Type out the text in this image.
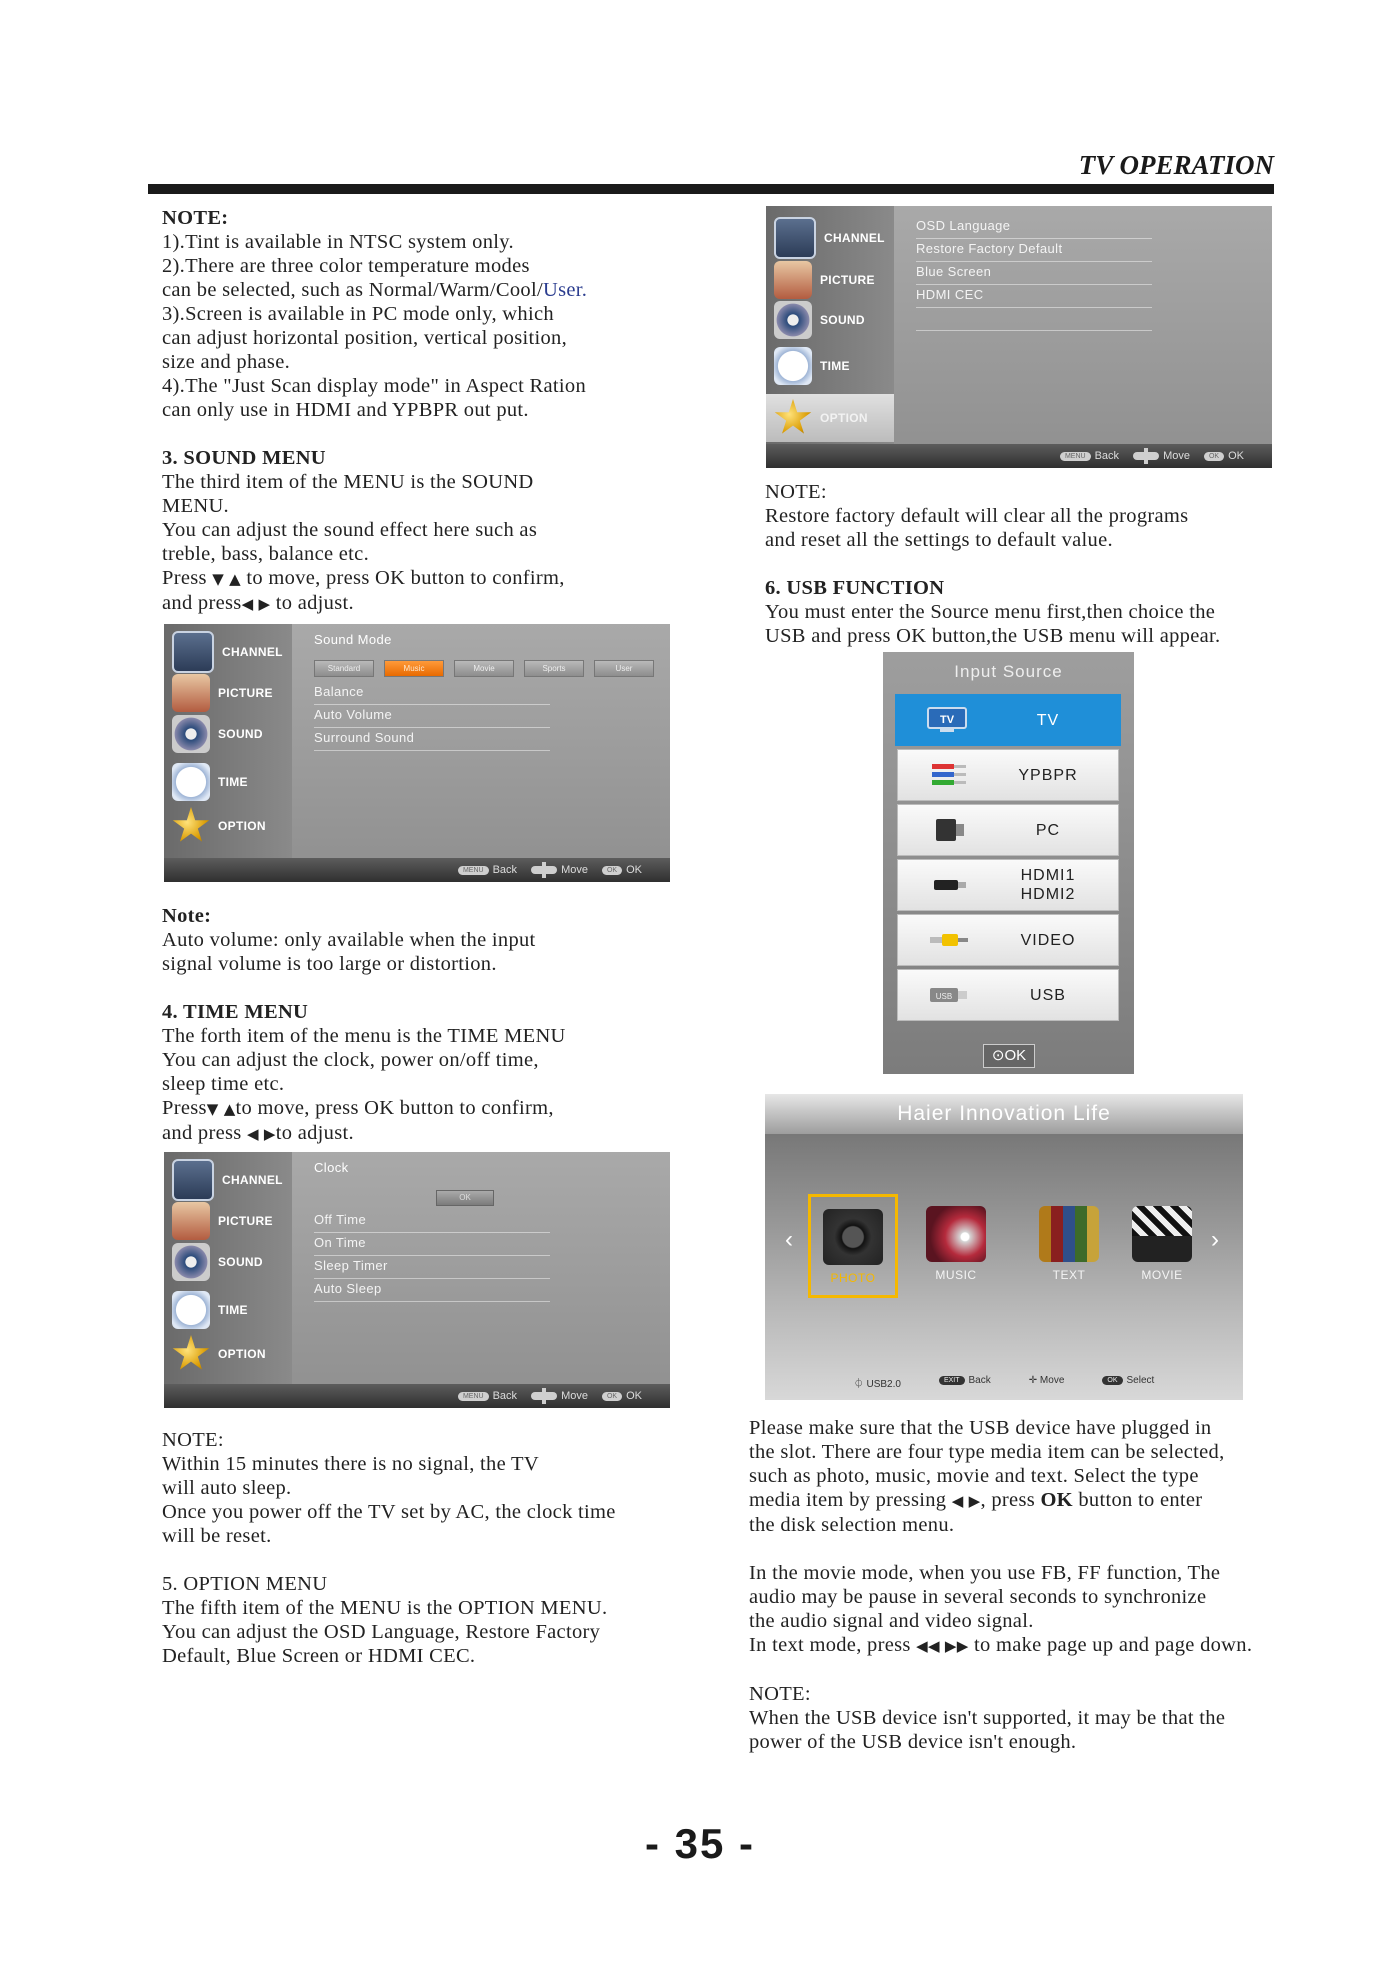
TV OPERATION

NOTE:

1).Tint is available in NTSC system only.

2).There are three color temperature modes

can be selected, such as Normal/Warm/Cool/User.

3).Screen is available in PC mode only, which

can adjust horizontal position, vertical position,

size and phase.

4).The "Just Scan display mode" in Aspect Ration

can only use in HDMI and YPBPR out put.

3. SOUND MENU

The third item of the MENU is the SOUND

MENU.

You can adjust the sound effect here such as

treble, bass, balance etc.

Press ▼ ▲ to move, press OK button to confirm,

and press◀ ▶ to adjust.

CHANNEL
PICTURE
SOUND
TIME
OPTION
Sound Mode
Standard	Music	Movie	Sports	User
Balance
Auto Volume
Surround Sound
MENU Back	Move	OK OK

Note:

Auto volume: only available when the input

signal volume is too large or distortion.

4. TIME MENU

The forth item of the menu is the TIME MENU

You can adjust the clock, power on/off time,

sleep time etc.

Press▼ ▲to move, press OK button to confirm,

and press ◀ ▶to adjust.

CHANNEL
PICTURE
SOUND
TIME
OPTION
Clock
OK
Off Time
On Time
Sleep Timer
Auto Sleep
MENU Back	Move	OK OK

NOTE:

Within 15 minutes there is no signal, the TV

will auto sleep.

Once you power off the TV set by AC, the clock time

will be reset.

5. OPTION MENU

The fifth item of the MENU is the OPTION MENU.

You can adjust the OSD Language, Restore Factory

Default, Blue Screen or HDMI CEC.

CHANNEL
PICTURE
SOUND
TIME
OPTION
OSD Language
Restore Factory Default
Blue Screen
HDMI CEC
MENU Back	Move	OK OK

NOTE:

Restore factory default will clear all the programs

and reset all the settings to default value.

6. USB FUNCTION

You must enter the Source menu first,then choice the

USB and press OK button,the USB menu will appear.

Input Source
TV	TV
YPBPR
PC
HDMI1
HDMI2
VIDEO
USB	USB
⊙OK
Haier Innovation Life
‹	›
PHOTO	MUSIC	TEXT	MOVIE
⏀ USB2.0	EXIT Back	✛ Move	OK Select

Please make sure that the USB device have plugged in

the slot. There are four type media item can be selected,

such as photo, music, movie and text. Select the type

media item by pressing ◀ ▶, press OK button to enter

the disk selection menu.

In the movie mode, when you use FB, FF function, The

audio may be pause in several seconds to synchronize

the audio signal and video signal.

In text mode, press ◀◀ ▶▶ to make page up and page down.

NOTE:

When the USB device isn't supported, it may be that the

power of the USB device isn't enough.

- 35 -
